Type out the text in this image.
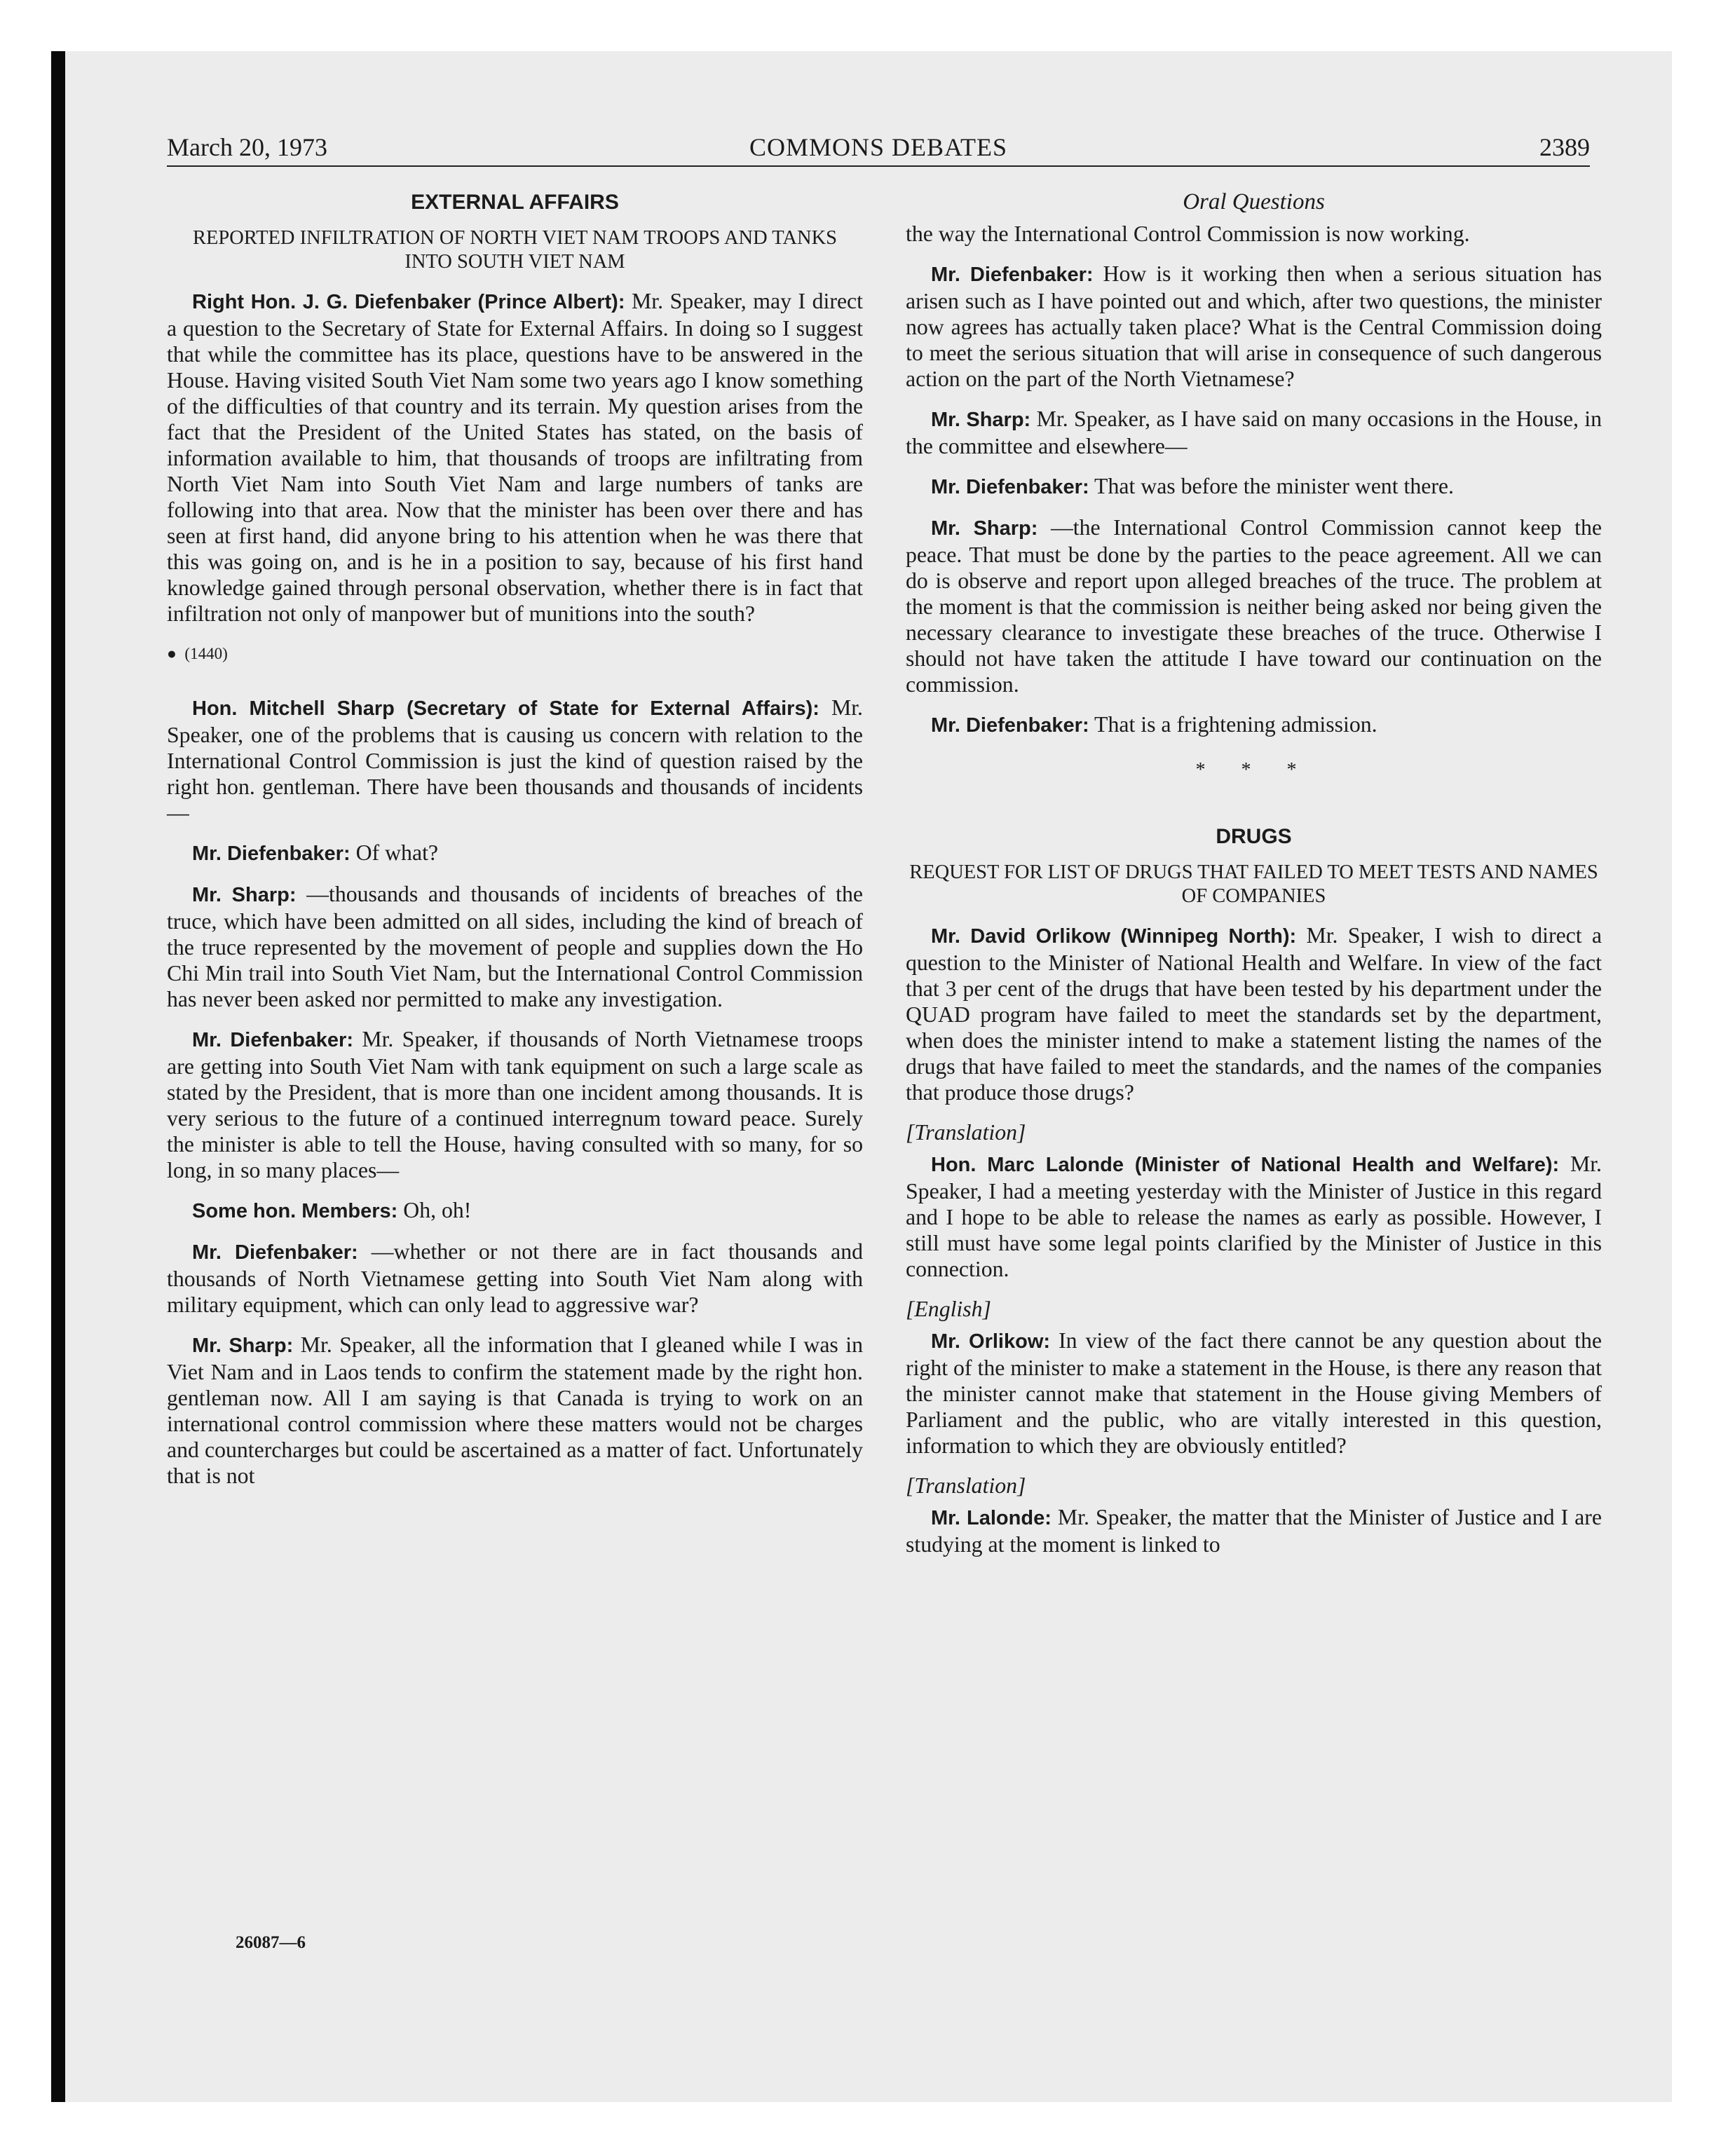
March 20, 1973	COMMONS DEBATES	2389
EXTERNAL AFFAIRS
REPORTED INFILTRATION OF NORTH VIET NAM TROOPS AND TANKS INTO SOUTH VIET NAM

Right Hon. J. G. Diefenbaker (Prince Albert): Mr. Speaker, may I direct a question to the Secretary of State for External Affairs. In doing so I suggest that while the committee has its place, questions have to be answered in the House. Having visited South Viet Nam some two years ago I know something of the difficulties of that country and its terrain. My question arises from the fact that the President of the United States has stated, on the basis of information available to him, that thousands of troops are infiltrating from North Viet Nam into South Viet Nam and large numbers of tanks are following into that area. Now that the minister has been over there and has seen at first hand, did anyone bring to his attention when he was there that this was going on, and is he in a position to say, because of his first hand knowledge gained through personal observation, whether there is in fact that infiltration not only of manpower but of munitions into the south?

● (1440)

Hon. Mitchell Sharp (Secretary of State for External Affairs): Mr. Speaker, one of the problems that is causing us concern with relation to the International Control Commission is just the kind of question raised by the right hon. gentleman. There have been thousands and thousands of incidents—

Mr. Diefenbaker: Of what?

Mr. Sharp: —thousands and thousands of incidents of breaches of the truce, which have been admitted on all sides, including the kind of breach of the truce represented by the movement of people and supplies down the Ho Chi Min trail into South Viet Nam, but the International Control Commission has never been asked nor permitted to make any investigation.

Mr. Diefenbaker: Mr. Speaker, if thousands of North Vietnamese troops are getting into South Viet Nam with tank equipment on such a large scale as stated by the President, that is more than one incident among thousands. It is very serious to the future of a continued interregnum toward peace. Surely the minister is able to tell the House, having consulted with so many, for so long, in so many places—

Some hon. Members: Oh, oh!

Mr. Diefenbaker: —whether or not there are in fact thousands and thousands of North Vietnamese getting into South Viet Nam along with military equipment, which can only lead to aggressive war?

Mr. Sharp: Mr. Speaker, all the information that I gleaned while I was in Viet Nam and in Laos tends to confirm the statement made by the right hon. gentleman now. All I am saying is that Canada is trying to work on an international control commission where these matters would not be charges and countercharges but could be ascertained as a matter of fact. Unfortunately that is not

Oral Questions

the way the International Control Commission is now working.

Mr. Diefenbaker: How is it working then when a serious situation has arisen such as I have pointed out and which, after two questions, the minister now agrees has actually taken place? What is the Central Commission doing to meet the serious situation that will arise in consequence of such dangerous action on the part of the North Vietnamese?

Mr. Sharp: Mr. Speaker, as I have said on many occasions in the House, in the committee and elsewhere—

Mr. Diefenbaker: That was before the minister went there.

Mr. Sharp: —the International Control Commission cannot keep the peace. That must be done by the parties to the peace agreement. All we can do is observe and report upon alleged breaches of the truce. The problem at the moment is that the commission is neither being asked nor being given the necessary clearance to investigate these breaches of the truce. Otherwise I should not have taken the attitude I have toward our continuation on the commission.

Mr. Diefenbaker: That is a frightening admission.

* * *
DRUGS
REQUEST FOR LIST OF DRUGS THAT FAILED TO MEET TESTS AND NAMES OF COMPANIES

Mr. David Orlikow (Winnipeg North): Mr. Speaker, I wish to direct a question to the Minister of National Health and Welfare. In view of the fact that 3 per cent of the drugs that have been tested by his department under the QUAD program have failed to meet the standards set by the department, when does the minister intend to make a statement listing the names of the drugs that have failed to meet the standards, and the names of the companies that produce those drugs?

[Translation]

Hon. Marc Lalonde (Minister of National Health and Welfare): Mr. Speaker, I had a meeting yesterday with the Minister of Justice in this regard and I hope to be able to release the names as early as possible. However, I still must have some legal points clarified by the Minister of Justice in this connection.

[English]

Mr. Orlikow: In view of the fact there cannot be any question about the right of the minister to make a statement in the House, is there any reason that the minister cannot make that statement in the House giving Members of Parliament and the public, who are vitally interested in this question, information to which they are obviously entitled?

[Translation]

Mr. Lalonde: Mr. Speaker, the matter that the Minister of Justice and I are studying at the moment is linked to

26087—6
